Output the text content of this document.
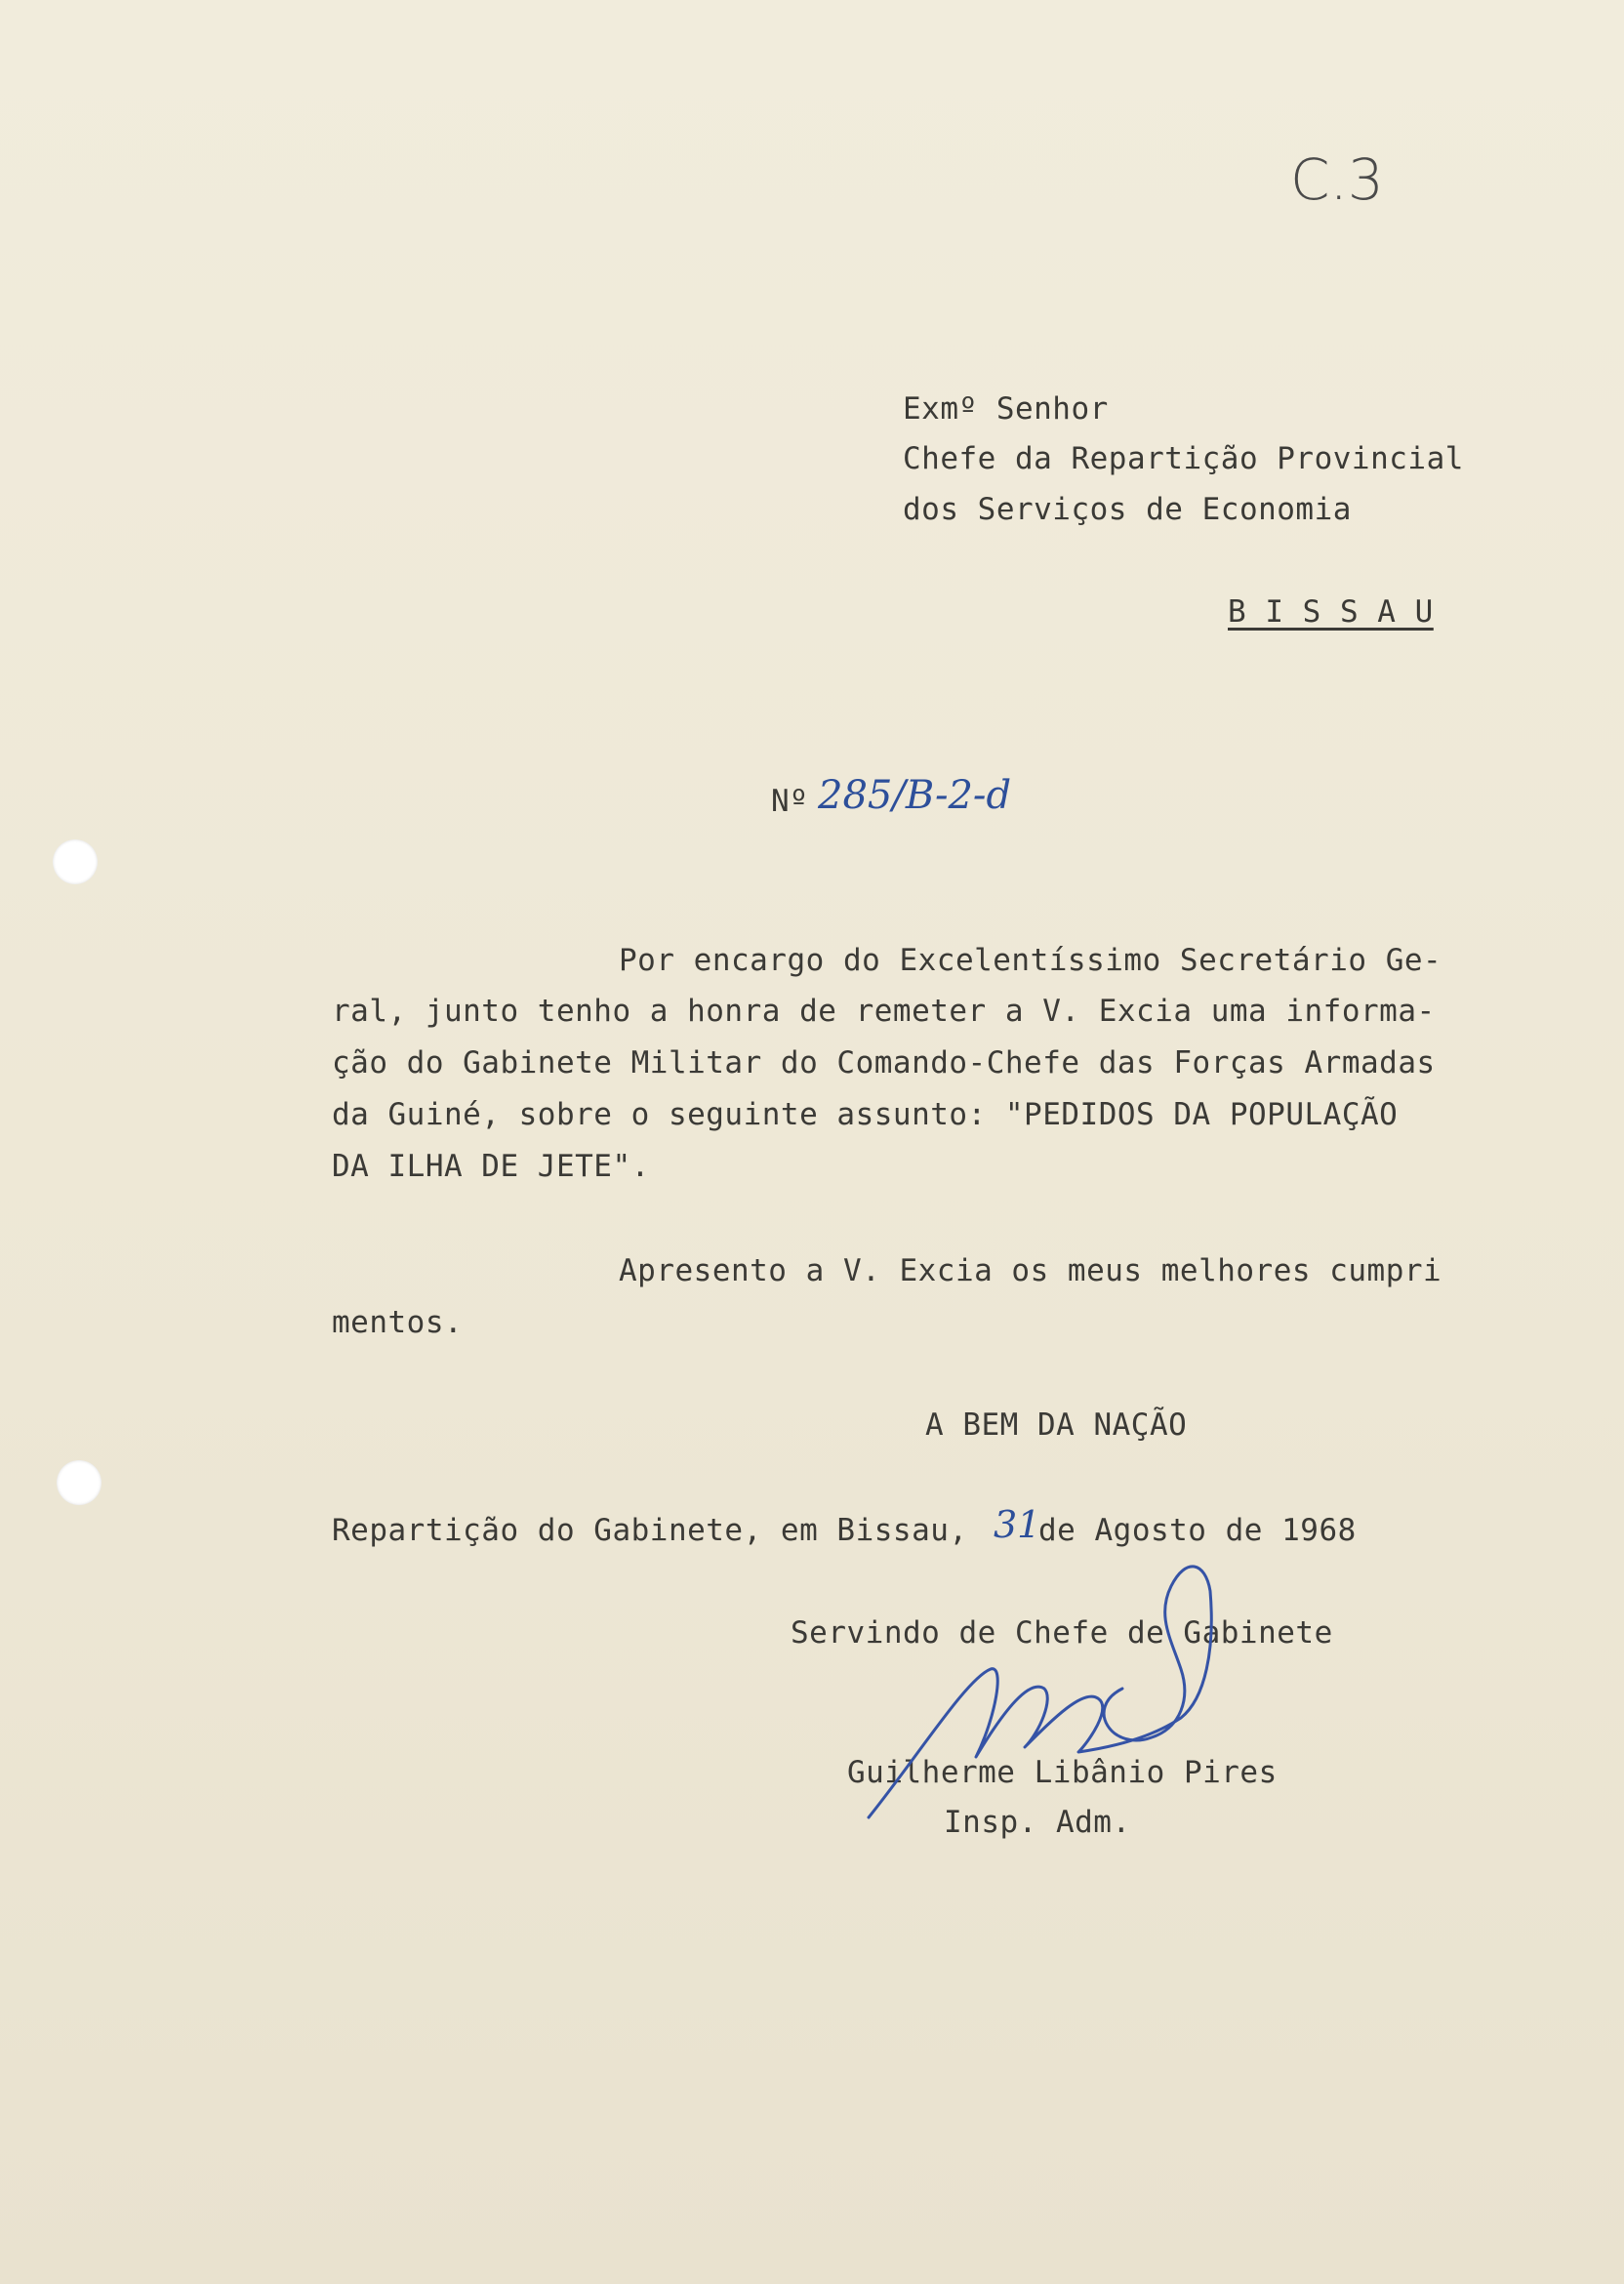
C.3
Exmº Senhor
Chefe da Repartição Provincial
dos Serviços de Economia
B I S S A U
Nº 285/B-2-d
Por encargo do Excelentíssimo Secretário Ge-
ral, junto tenho a honra de remeter a V. Excia uma informa-
ção do Gabinete Militar do Comando-Chefe das Forças Armadas
da Guiné, sobre o seguinte assunto: "PEDIDOS DA POPULAÇÃO
DA ILHA DE JETE".
Apresento a V. Excia os meus melhores cumpri
mentos.
A BEM DA NAÇÃO
Repartição do Gabinete, em Bissau, 31
de Agosto de 1968
Servindo de Chefe de Gabinete
Guilherme Libânio Pires
Insp. Adm.
